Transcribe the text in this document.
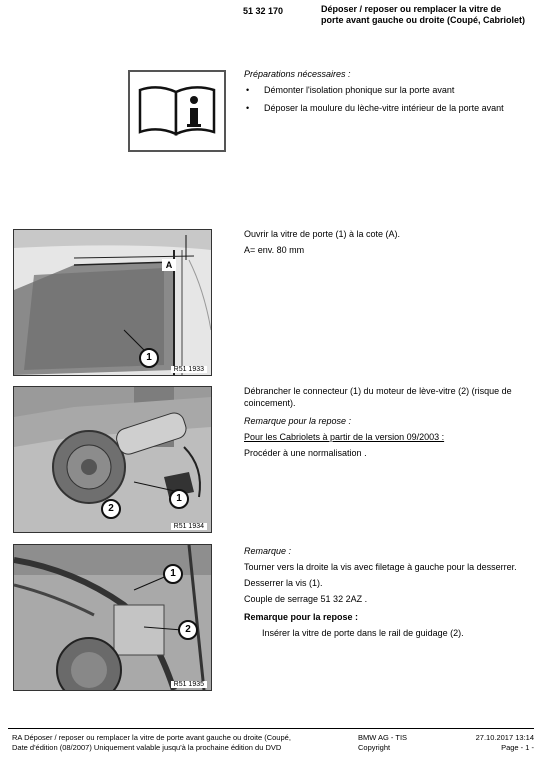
51 32 170	Déposer / reposer ou remplacer la vitre de porte avant gauche ou droite (Coupé, Cabriolet)
Préparations nécessaires :
• Démonter l'isolation phonique sur la porte avant
• Déposer la moulure du lèche-vitre intérieur de la porte avant
1
A
R51 1933
Ouvrir la vitre de porte (1) à la cote (A).
A= env. 80 mm
1
2
R51 1934
Débrancher le connecteur (1) du moteur de lève-vitre (2) (risque de coincement).
Remarque pour la repose :
Pour les Cabriolets à partir de la version 09/2003 :
Procéder à une normalisation .
1
2
R51 1935
Remarque :
Tourner vers la droite la vis avec filetage à gauche pour la desserrer.
Desserrer la vis (1).
Couple de serrage 51 32 2AZ .
Remarque pour la repose :
Insérer la vitre de porte dans le rail de guidage (2).
RA Déposer / reposer ou remplacer la vitre de porte avant gauche ou droite (Coupé,
Date d'édition (08/2007) Uniquement valable jusqu'à la prochaine édition du DVD
BMW AG - TIS
Copyright
27.10.2017 13:14
Page - 1 -
